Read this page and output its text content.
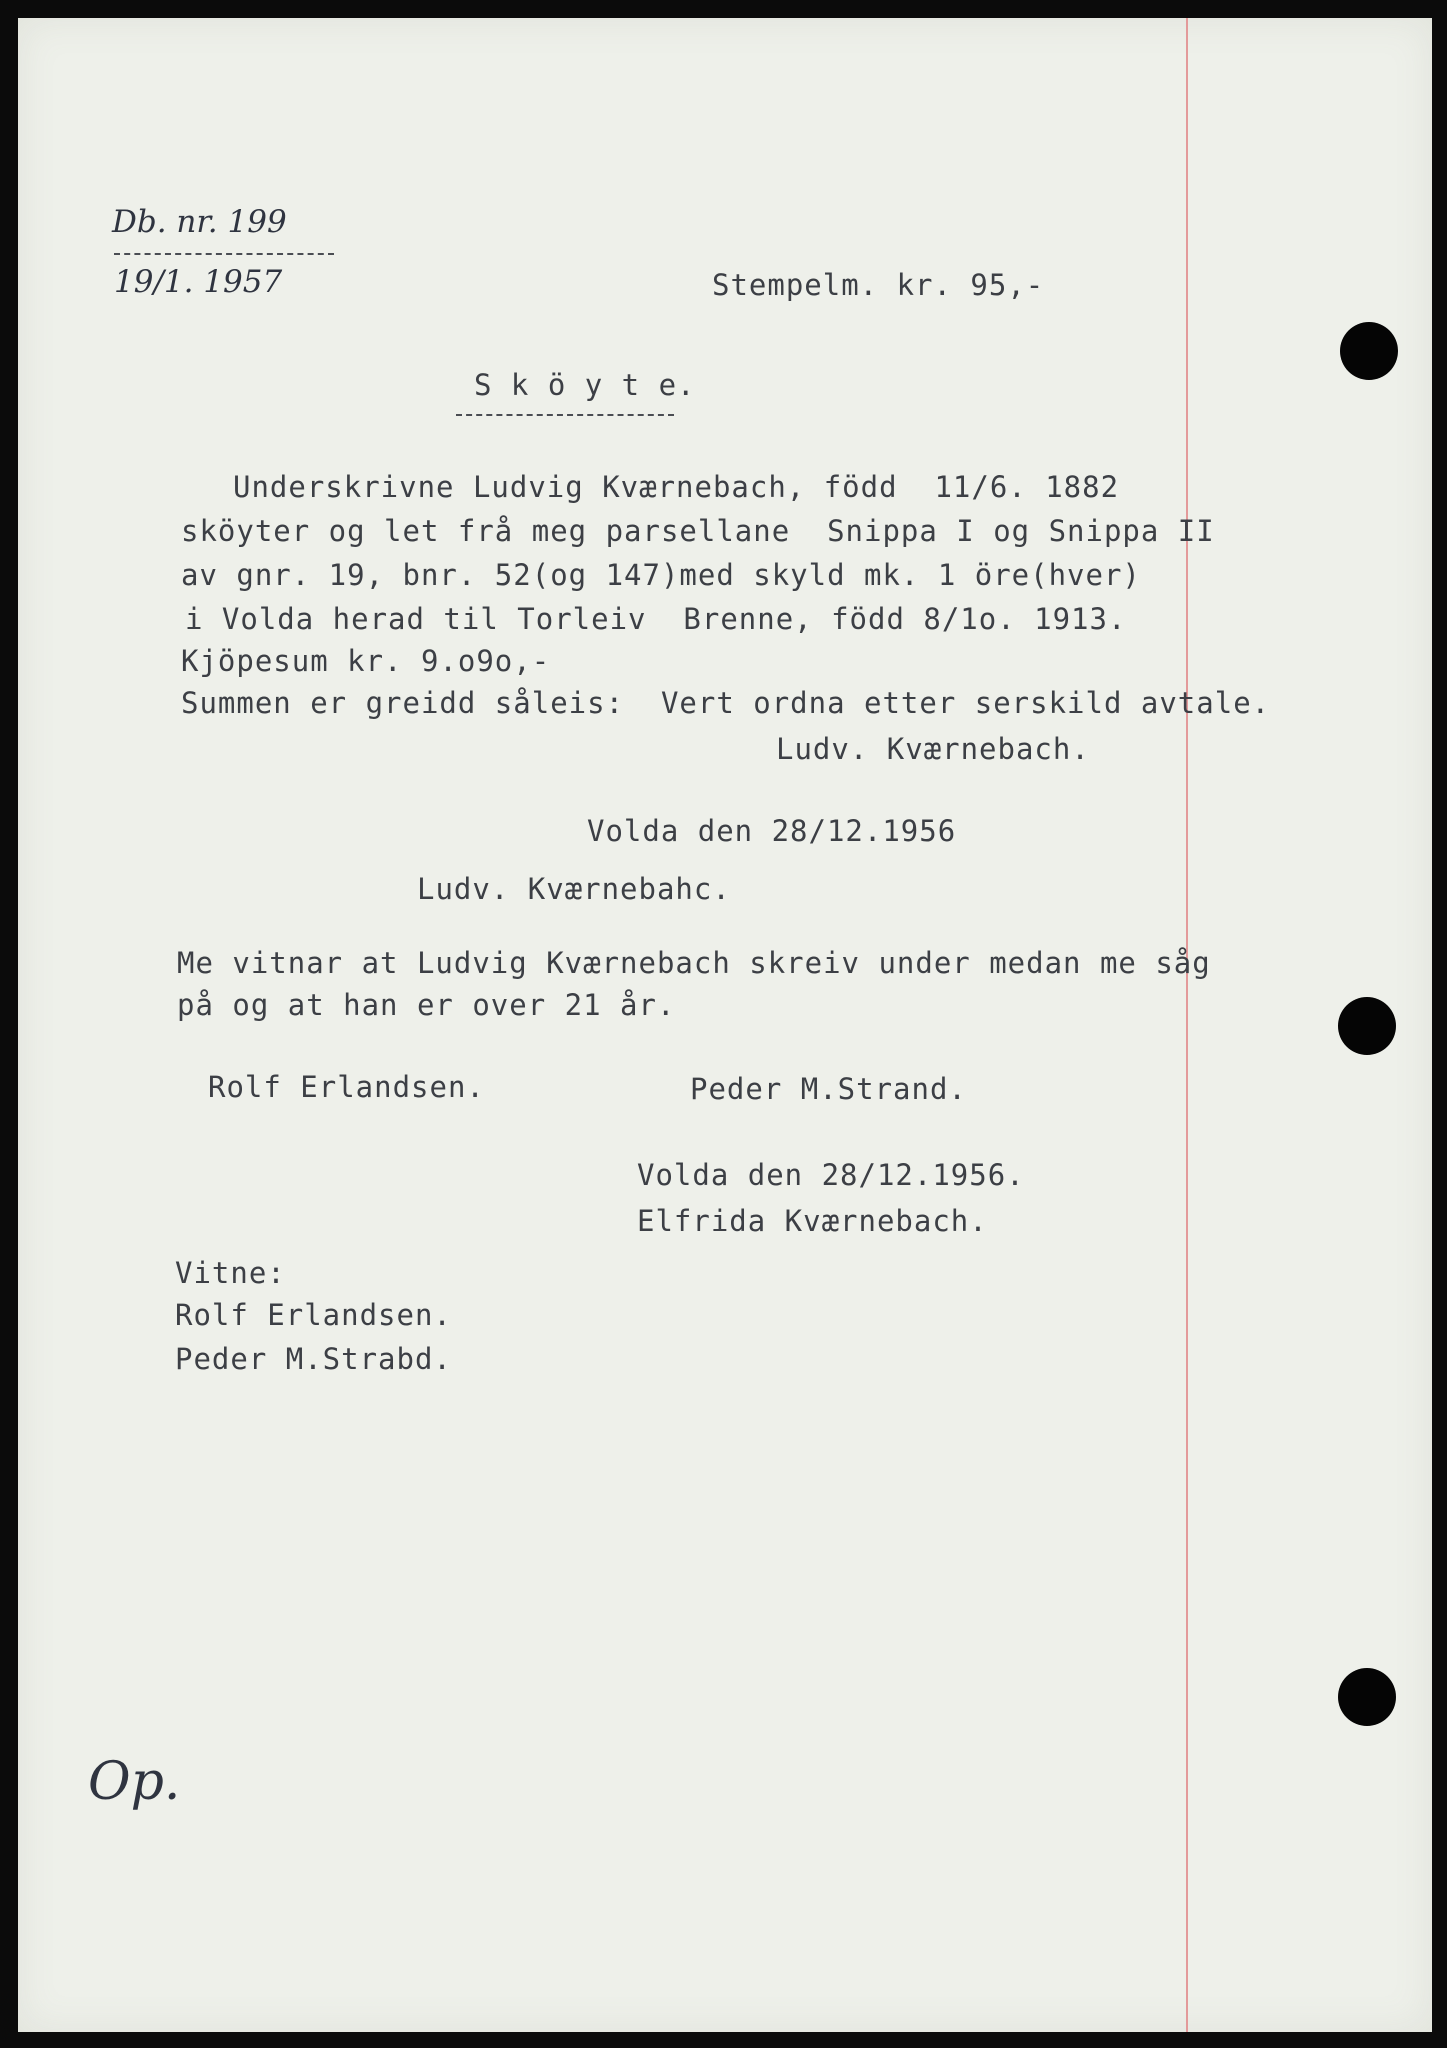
Db. nr. 199
19/1. 1957	Stempelm. kr. 95,-
S k ö y t e.
Underskrivne Ludvig Kværnebach, född  11/6. 1882
sköyter og let frå meg parsellane  Snippa I og Snippa II
av gnr. 19, bnr. 52(og 147)med skyld mk. 1 öre(hver)
i Volda herad til Torleiv  Brenne, född 8/1o. 1913.
Kjöpesum kr. 9.o9o,-
Summen er greidd såleis:  Vert ordna etter serskild avtale.
Ludv. Kværnebach.
Volda den 28/12.1956
Ludv. Kværnebahc.
Me vitnar at Ludvig Kværnebach skreiv under medan me såg
på og at han er over 21 år.
Rolf Erlandsen.	Peder M.Strand.
Volda den 28/12.1956.
Elfrida Kværnebach.
Vitne:
Rolf Erlandsen.
Peder M.Strabd.
Op.
